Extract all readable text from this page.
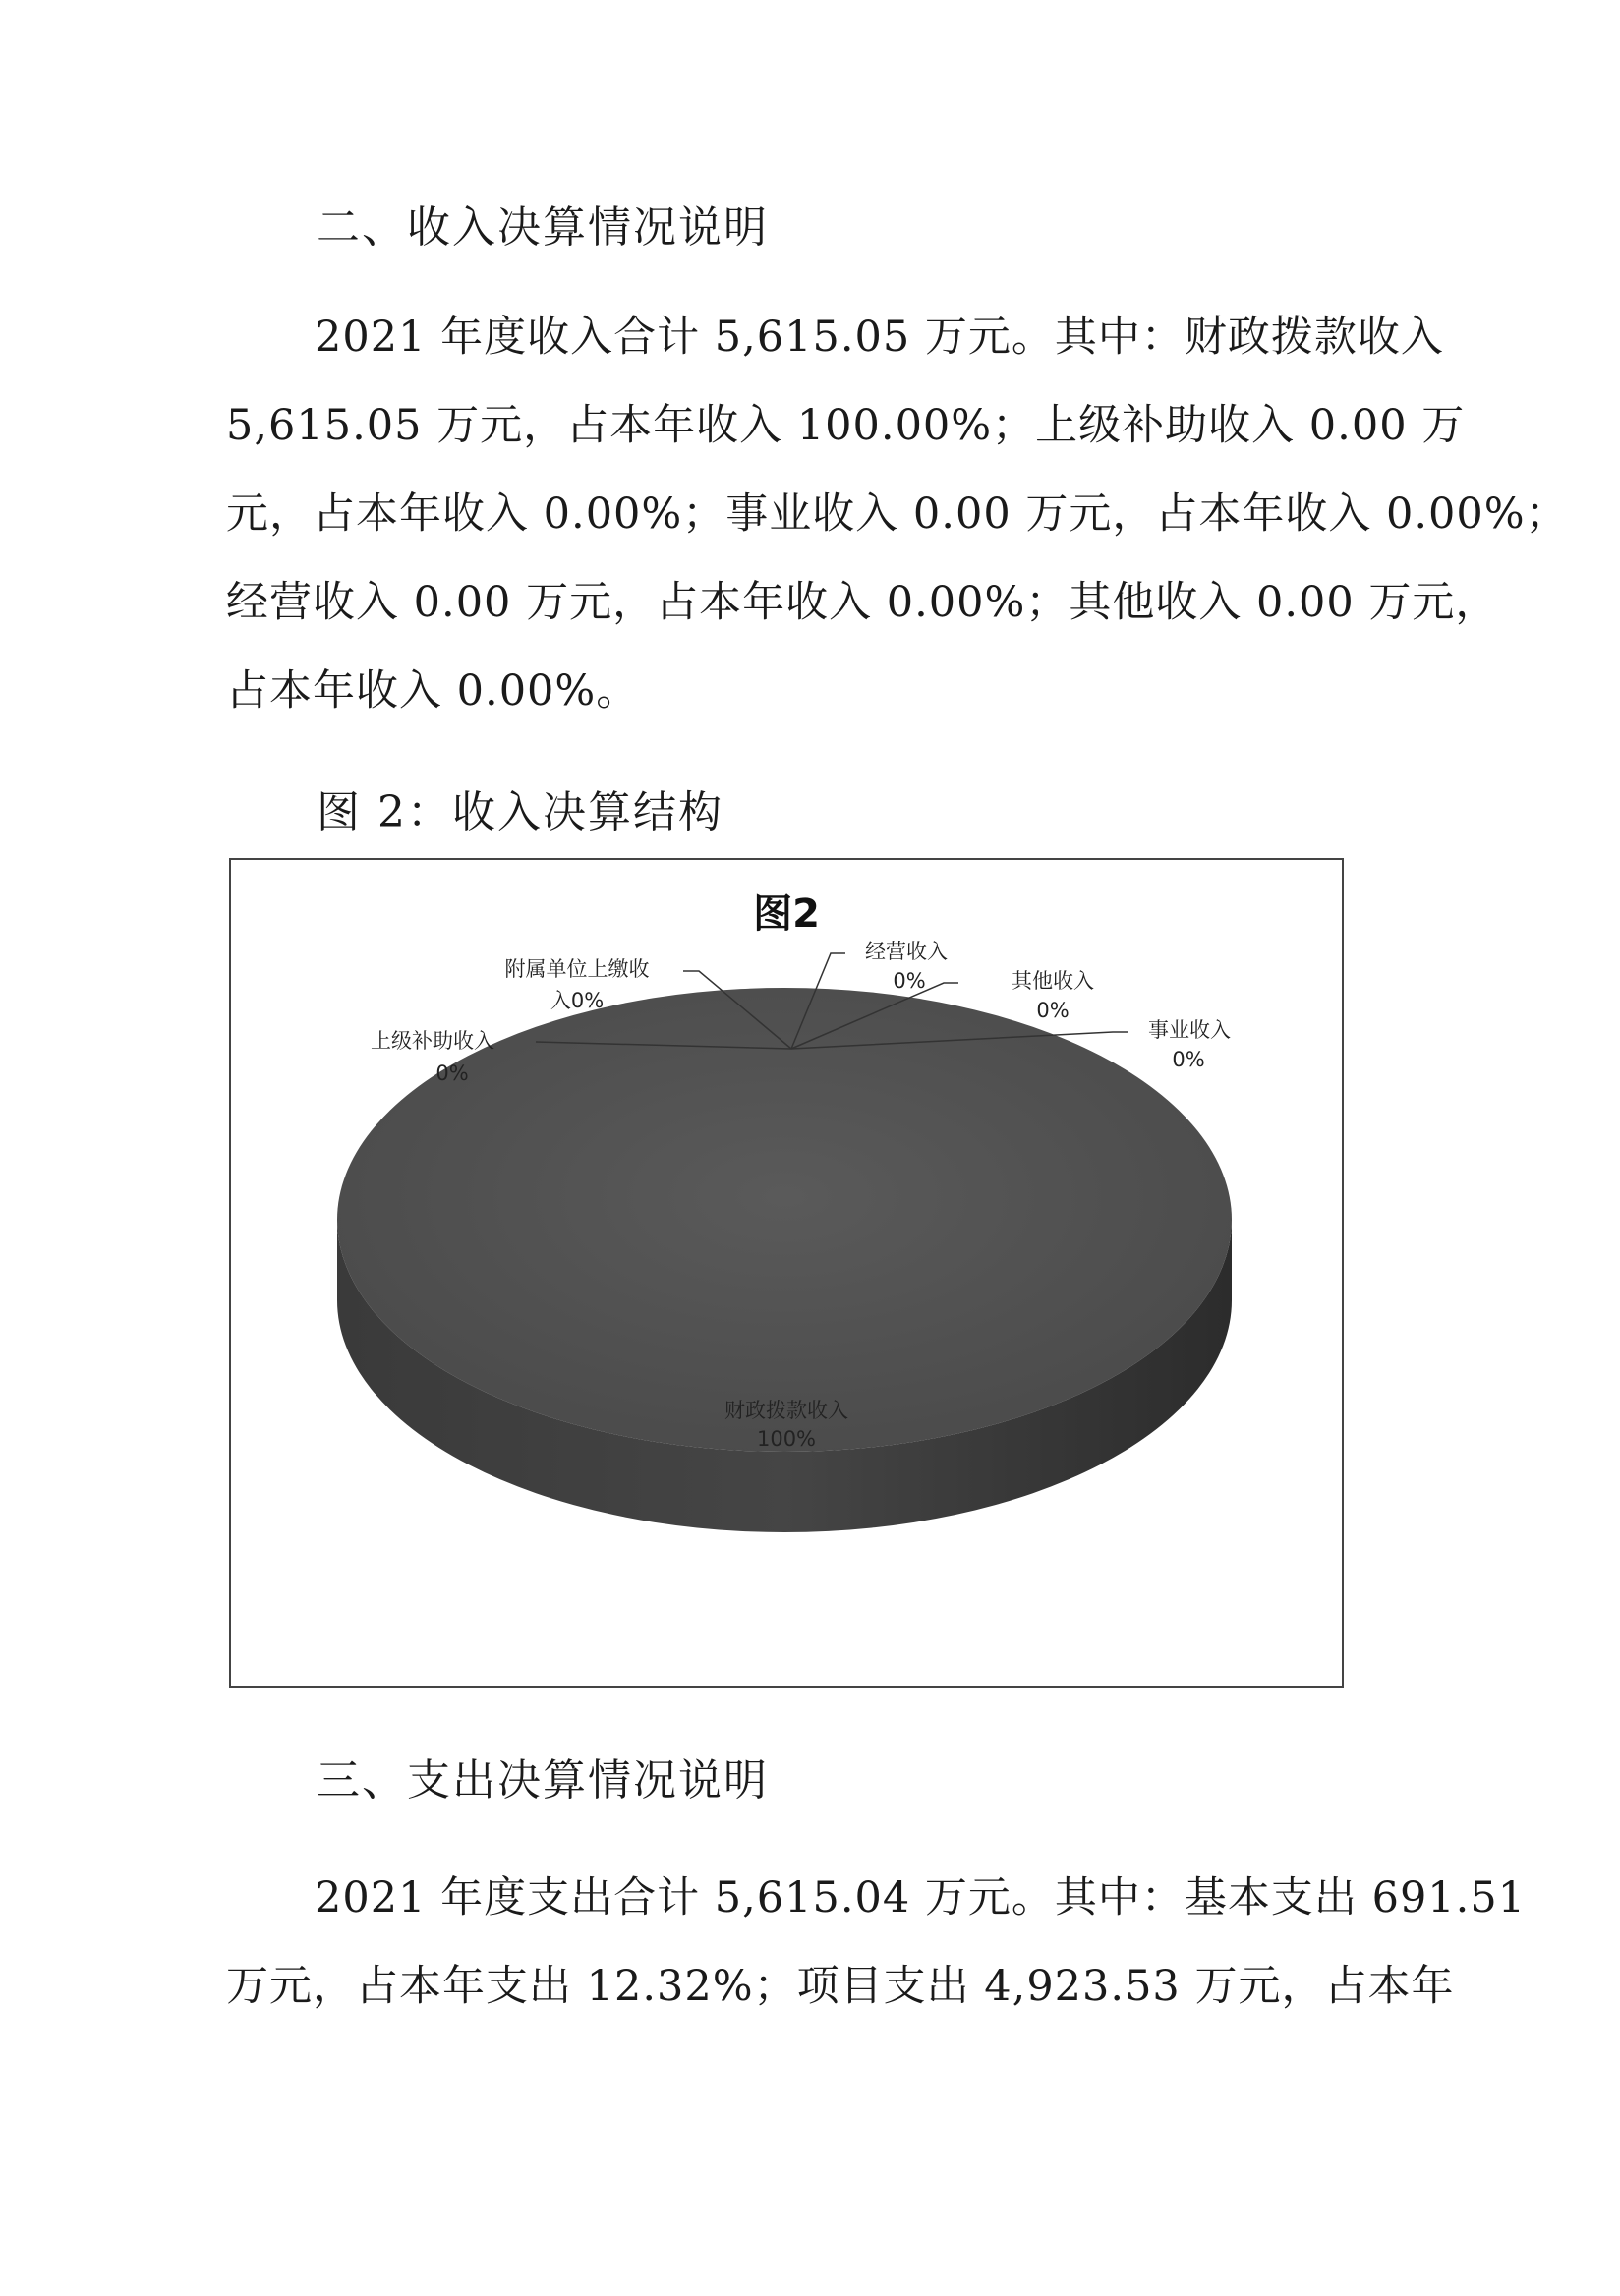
二、收入决算情况说明
2021 年度收入合计 5,615.05 万元。其中：财政拨款收入
5,615.05 万元，占本年收入 100.00%；上级补助收入 0.00 万
元，占本年收入 0.00%；事业收入 0.00 万元，占本年收入 0.00%；
经营收入 0.00 万元，占本年收入 0.00%；其他收入 0.00 万元，
占本年收入 0.00%。
图 2：收入决算结构
图2
财政拨款收入
100%
上级补助收入
0%
附属单位上缴收
入0%
经营收入
0%	其他收入
0%
事业收入
0%
三、支出决算情况说明
2021 年度支出合计 5,615.04 万元。其中：基本支出 691.51
万元，占本年支出 12.32%；项目支出 4,923.53 万元，占本年
